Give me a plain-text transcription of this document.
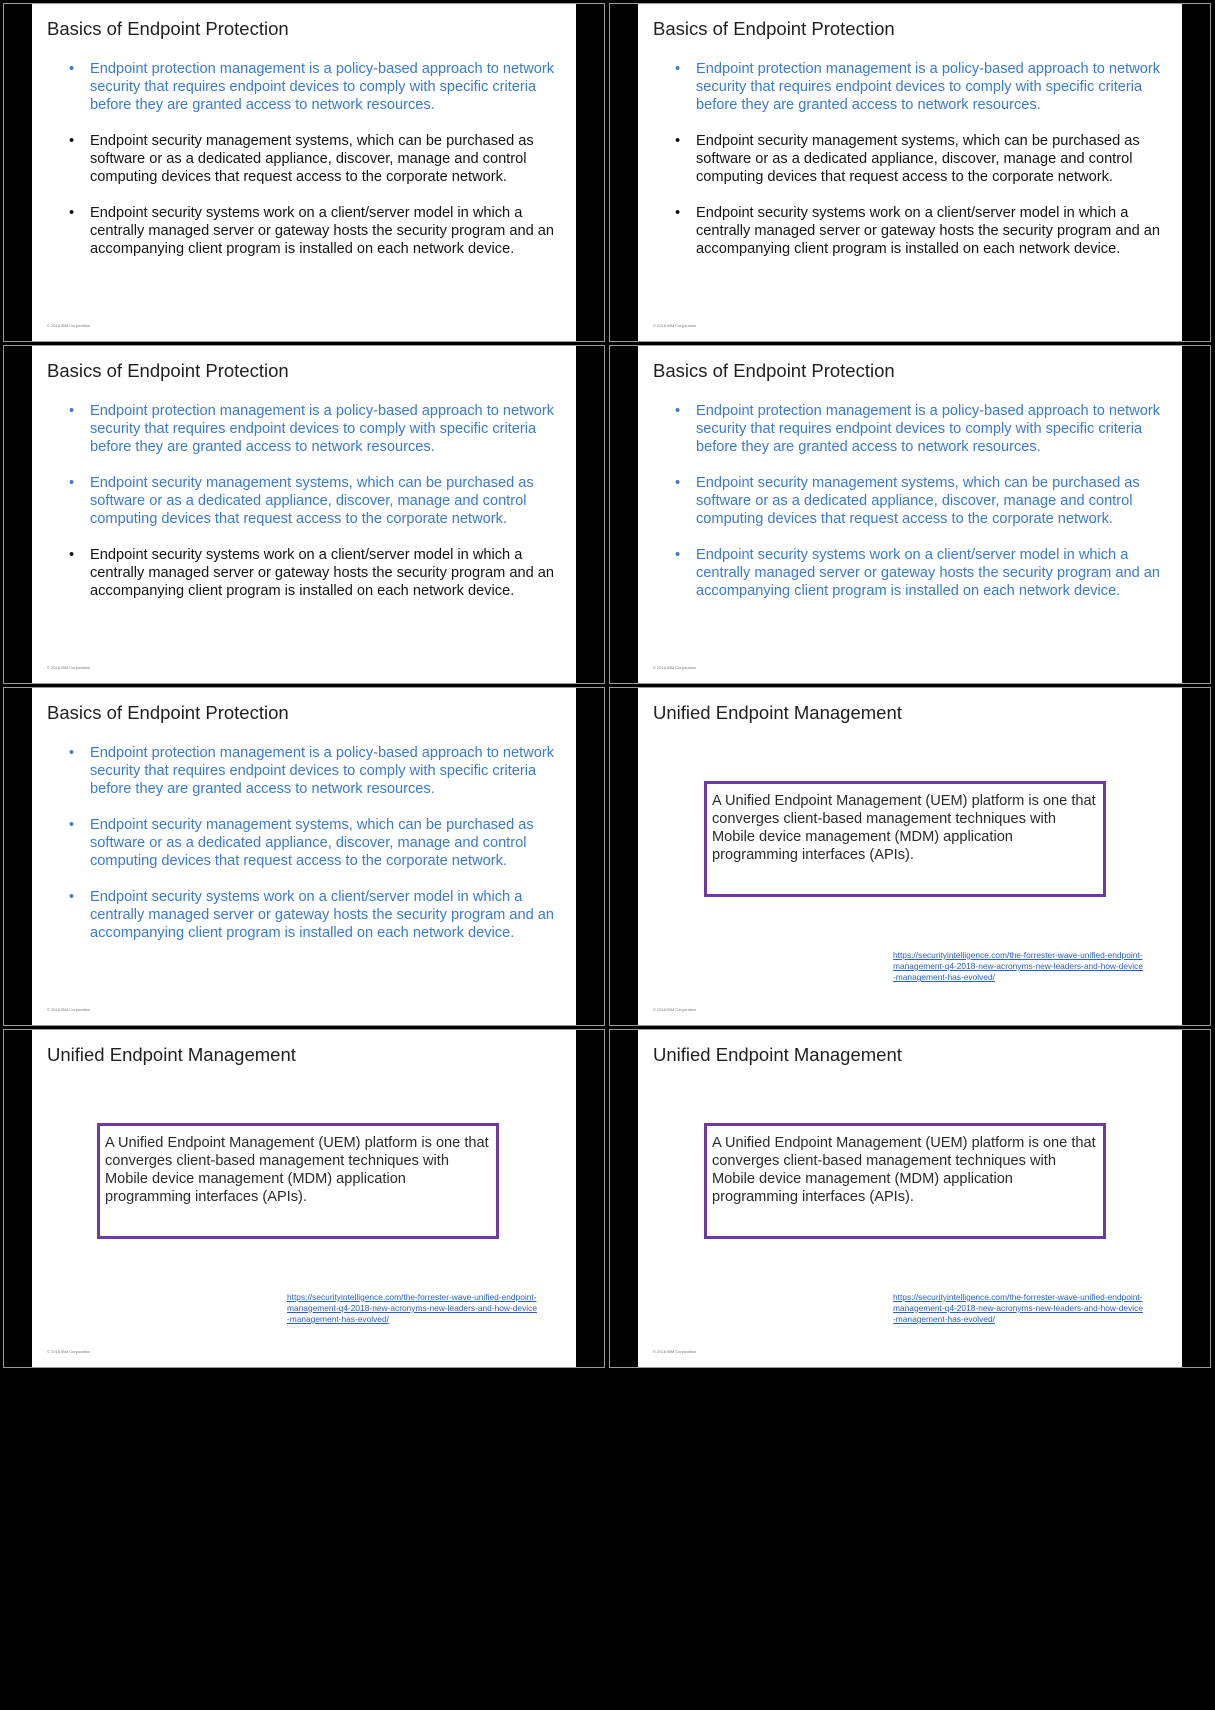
Basics of Endpoint Protection
• Endpoint protection management is a policy-based approach to network security that requires endpoint devices to comply with specific criteria before they are granted access to network resources.
• Endpoint security management systems, which can be purchased as software or as a dedicated appliance, discover, manage and control computing devices that request access to the corporate network.
• Endpoint security systems work on a client/server model in which a centrally managed server or gateway hosts the security program and an accompanying client program is installed on each network device.
© 2018 IBM Corporation
Basics of Endpoint Protection
• Endpoint protection management is a policy-based approach to network security that requires endpoint devices to comply with specific criteria before they are granted access to network resources.
• Endpoint security management systems, which can be purchased as software or as a dedicated appliance, discover, manage and control computing devices that request access to the corporate network.
• Endpoint security systems work on a client/server model in which a centrally managed server or gateway hosts the security program and an accompanying client program is installed on each network device.
© 2018 IBM Corporation
Basics of Endpoint Protection
• Endpoint protection management is a policy-based approach to network security that requires endpoint devices to comply with specific criteria before they are granted access to network resources.
• Endpoint security management systems, which can be purchased as software or as a dedicated appliance, discover, manage and control computing devices that request access to the corporate network.
• Endpoint security systems work on a client/server model in which a centrally managed server or gateway hosts the security program and an accompanying client program is installed on each network device.
© 2018 IBM Corporation
Basics of Endpoint Protection
• Endpoint protection management is a policy-based approach to network security that requires endpoint devices to comply with specific criteria before they are granted access to network resources.
• Endpoint security management systems, which can be purchased as software or as a dedicated appliance, discover, manage and control computing devices that request access to the corporate network.
• Endpoint security systems work on a client/server model in which a centrally managed server or gateway hosts the security program and an accompanying client program is installed on each network device.
© 2018 IBM Corporation
Basics of Endpoint Protection
• Endpoint protection management is a policy-based approach to network security that requires endpoint devices to comply with specific criteria before they are granted access to network resources.
• Endpoint security management systems, which can be purchased as software or as a dedicated appliance, discover, manage and control computing devices that request access to the corporate network.
• Endpoint security systems work on a client/server model in which a centrally managed server or gateway hosts the security program and an accompanying client program is installed on each network device.
© 2018 IBM Corporation
Unified Endpoint Management
A Unified Endpoint Management (UEM) platform is one that converges client-based management techniques with Mobile device management (MDM) application programming interfaces (APIs).
https://securityintelligence.com/the-forrester-wave-unified-endpoint-management-q4-2018-new-acronyms-new-leaders-and-how-device-management-has-evolved/
© 2018 IBM Corporation
Unified Endpoint Management
A Unified Endpoint Management (UEM) platform is one that converges client-based management techniques with Mobile device management (MDM) application programming interfaces (APIs).
https://securityintelligence.com/the-forrester-wave-unified-endpoint-management-q4-2018-new-acronyms-new-leaders-and-how-device-management-has-evolved/
© 2018 IBM Corporation
Unified Endpoint Management
A Unified Endpoint Management (UEM) platform is one that converges client-based management techniques with Mobile device management (MDM) application programming interfaces (APIs).
https://securityintelligence.com/the-forrester-wave-unified-endpoint-management-q4-2018-new-acronyms-new-leaders-and-how-device-management-has-evolved/
© 2018 IBM Corporation
